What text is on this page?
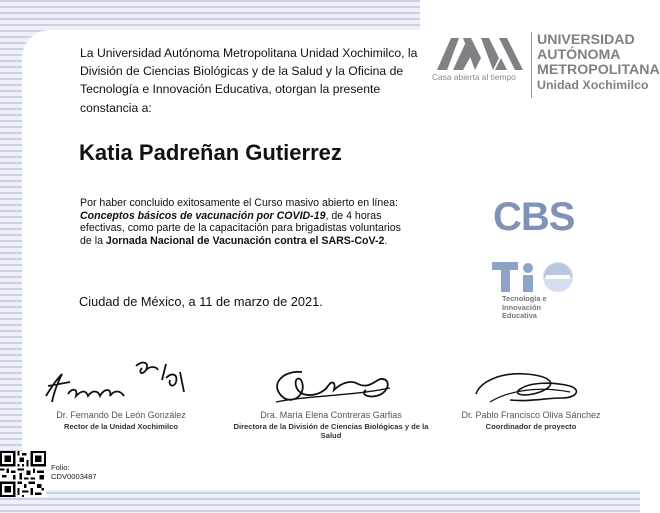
La Universidad Autónoma Metropolitana Unidad Xochimilco, la División de Ciencias Biológicas y de la Salud y la Oficina de Tecnología e Innovación Educativa, otorgan la presente constancia a:
Katia Padreñan Gutierrez
Por haber concluido exitosamente el Curso masivo abierto en línea: Conceptos básicos de vacunación por COVID-19, de 4 horas efectivas, como parte de la capacitación para brigadistas voluntarios de la Jornada Nacional de Vacunación contra el SARS-CoV-2.
Ciudad de México, a 11 de marzo de 2021.
Casa abierta al tiempo
UNIVERSIDAD
AUTÓNOMA
METROPOLITANA
Unidad Xochimilco
CBS
Tecnología e
Innovación
Educativa
Dr. Fernando De León González
Rector de la Unidad Xochimilco
Dra. María Elena Contreras Garfias
Directora de la División de Ciencias Biológicas y de la Salud
Dr. Pablo Francisco Oliva Sánchez
Coordinador de proyecto
Folio:
CDV0003487
